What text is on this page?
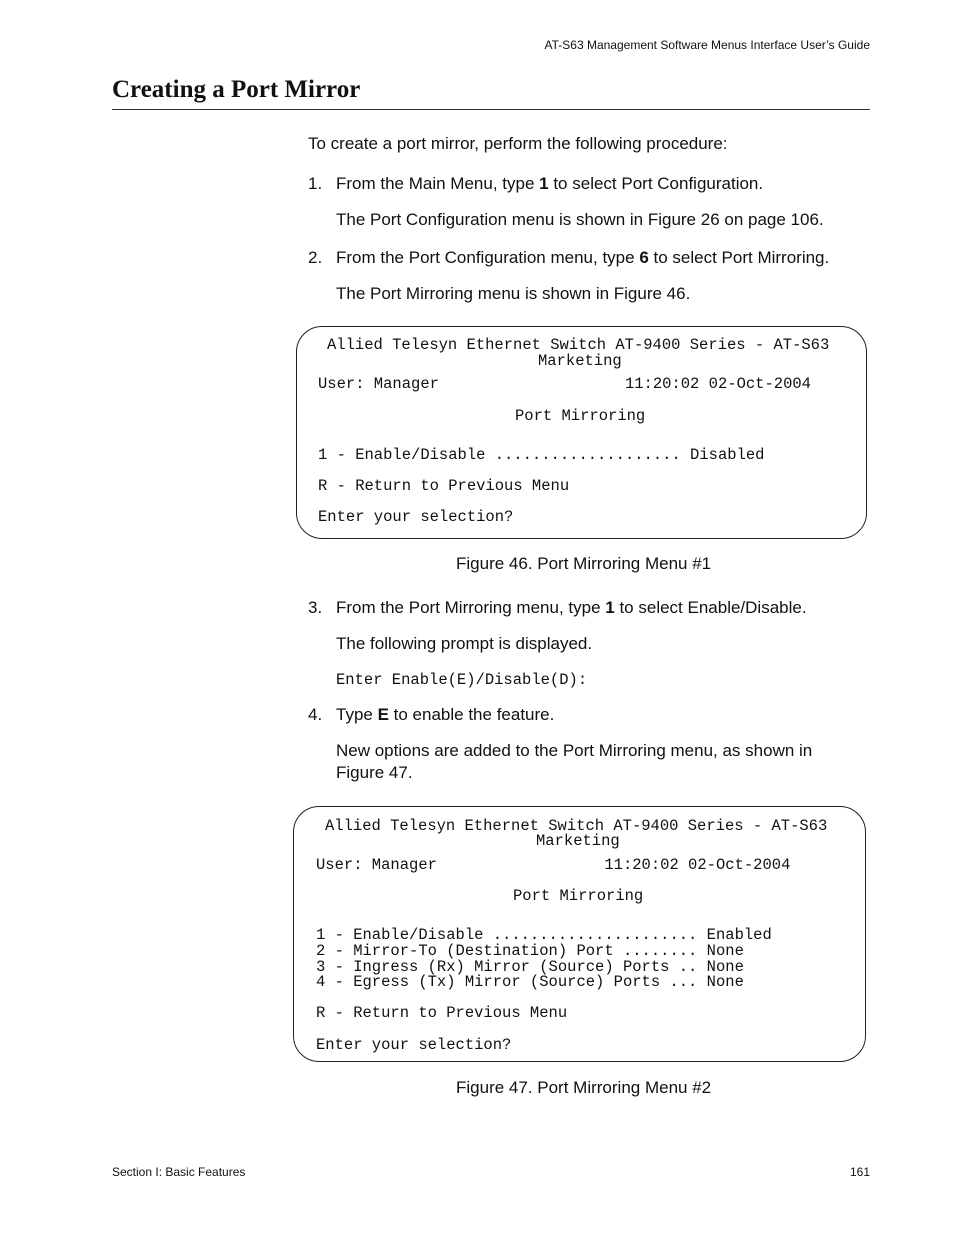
AT-S63 Management Software Menus Interface User’s Guide
Creating a Port Mirror
To create a port mirror, perform the following procedure:
1. From the Main Menu, type 1 to select Port Configuration.
The Port Configuration menu is shown in Figure 26 on page 106.
2. From the Port Configuration menu, type 6 to select Port Mirroring.
The Port Mirroring menu is shown in Figure 46.
Allied Telesyn Ethernet Switch AT-9400 Series - AT-S63
Marketing
User: Manager                    11:20:02 02-Oct-2004
Port Mirroring
1 - Enable/Disable .................... Disabled
R - Return to Previous Menu
Enter your selection?
Figure 46. Port Mirroring Menu #1
3. From the Port Mirroring menu, type 1 to select Enable/Disable.
The following prompt is displayed.
Enter Enable(E)/Disable(D):
4. Type E to enable the feature.
New options are added to the Port Mirroring menu, as shown in Figure 47.
Allied Telesyn Ethernet Switch AT-9400 Series - AT-S63
Marketing
User: Manager                  11:20:02 02-Oct-2004
Port Mirroring
1 - Enable/Disable ...................... Enabled
2 - Mirror-To (Destination) Port ........ None
3 - Ingress (Rx) Mirror (Source) Ports .. None
4 - Egress (Tx) Mirror (Source) Ports ... None
R - Return to Previous Menu
Enter your selection?
Figure 47. Port Mirroring Menu #2
Section I: Basic Features	161
